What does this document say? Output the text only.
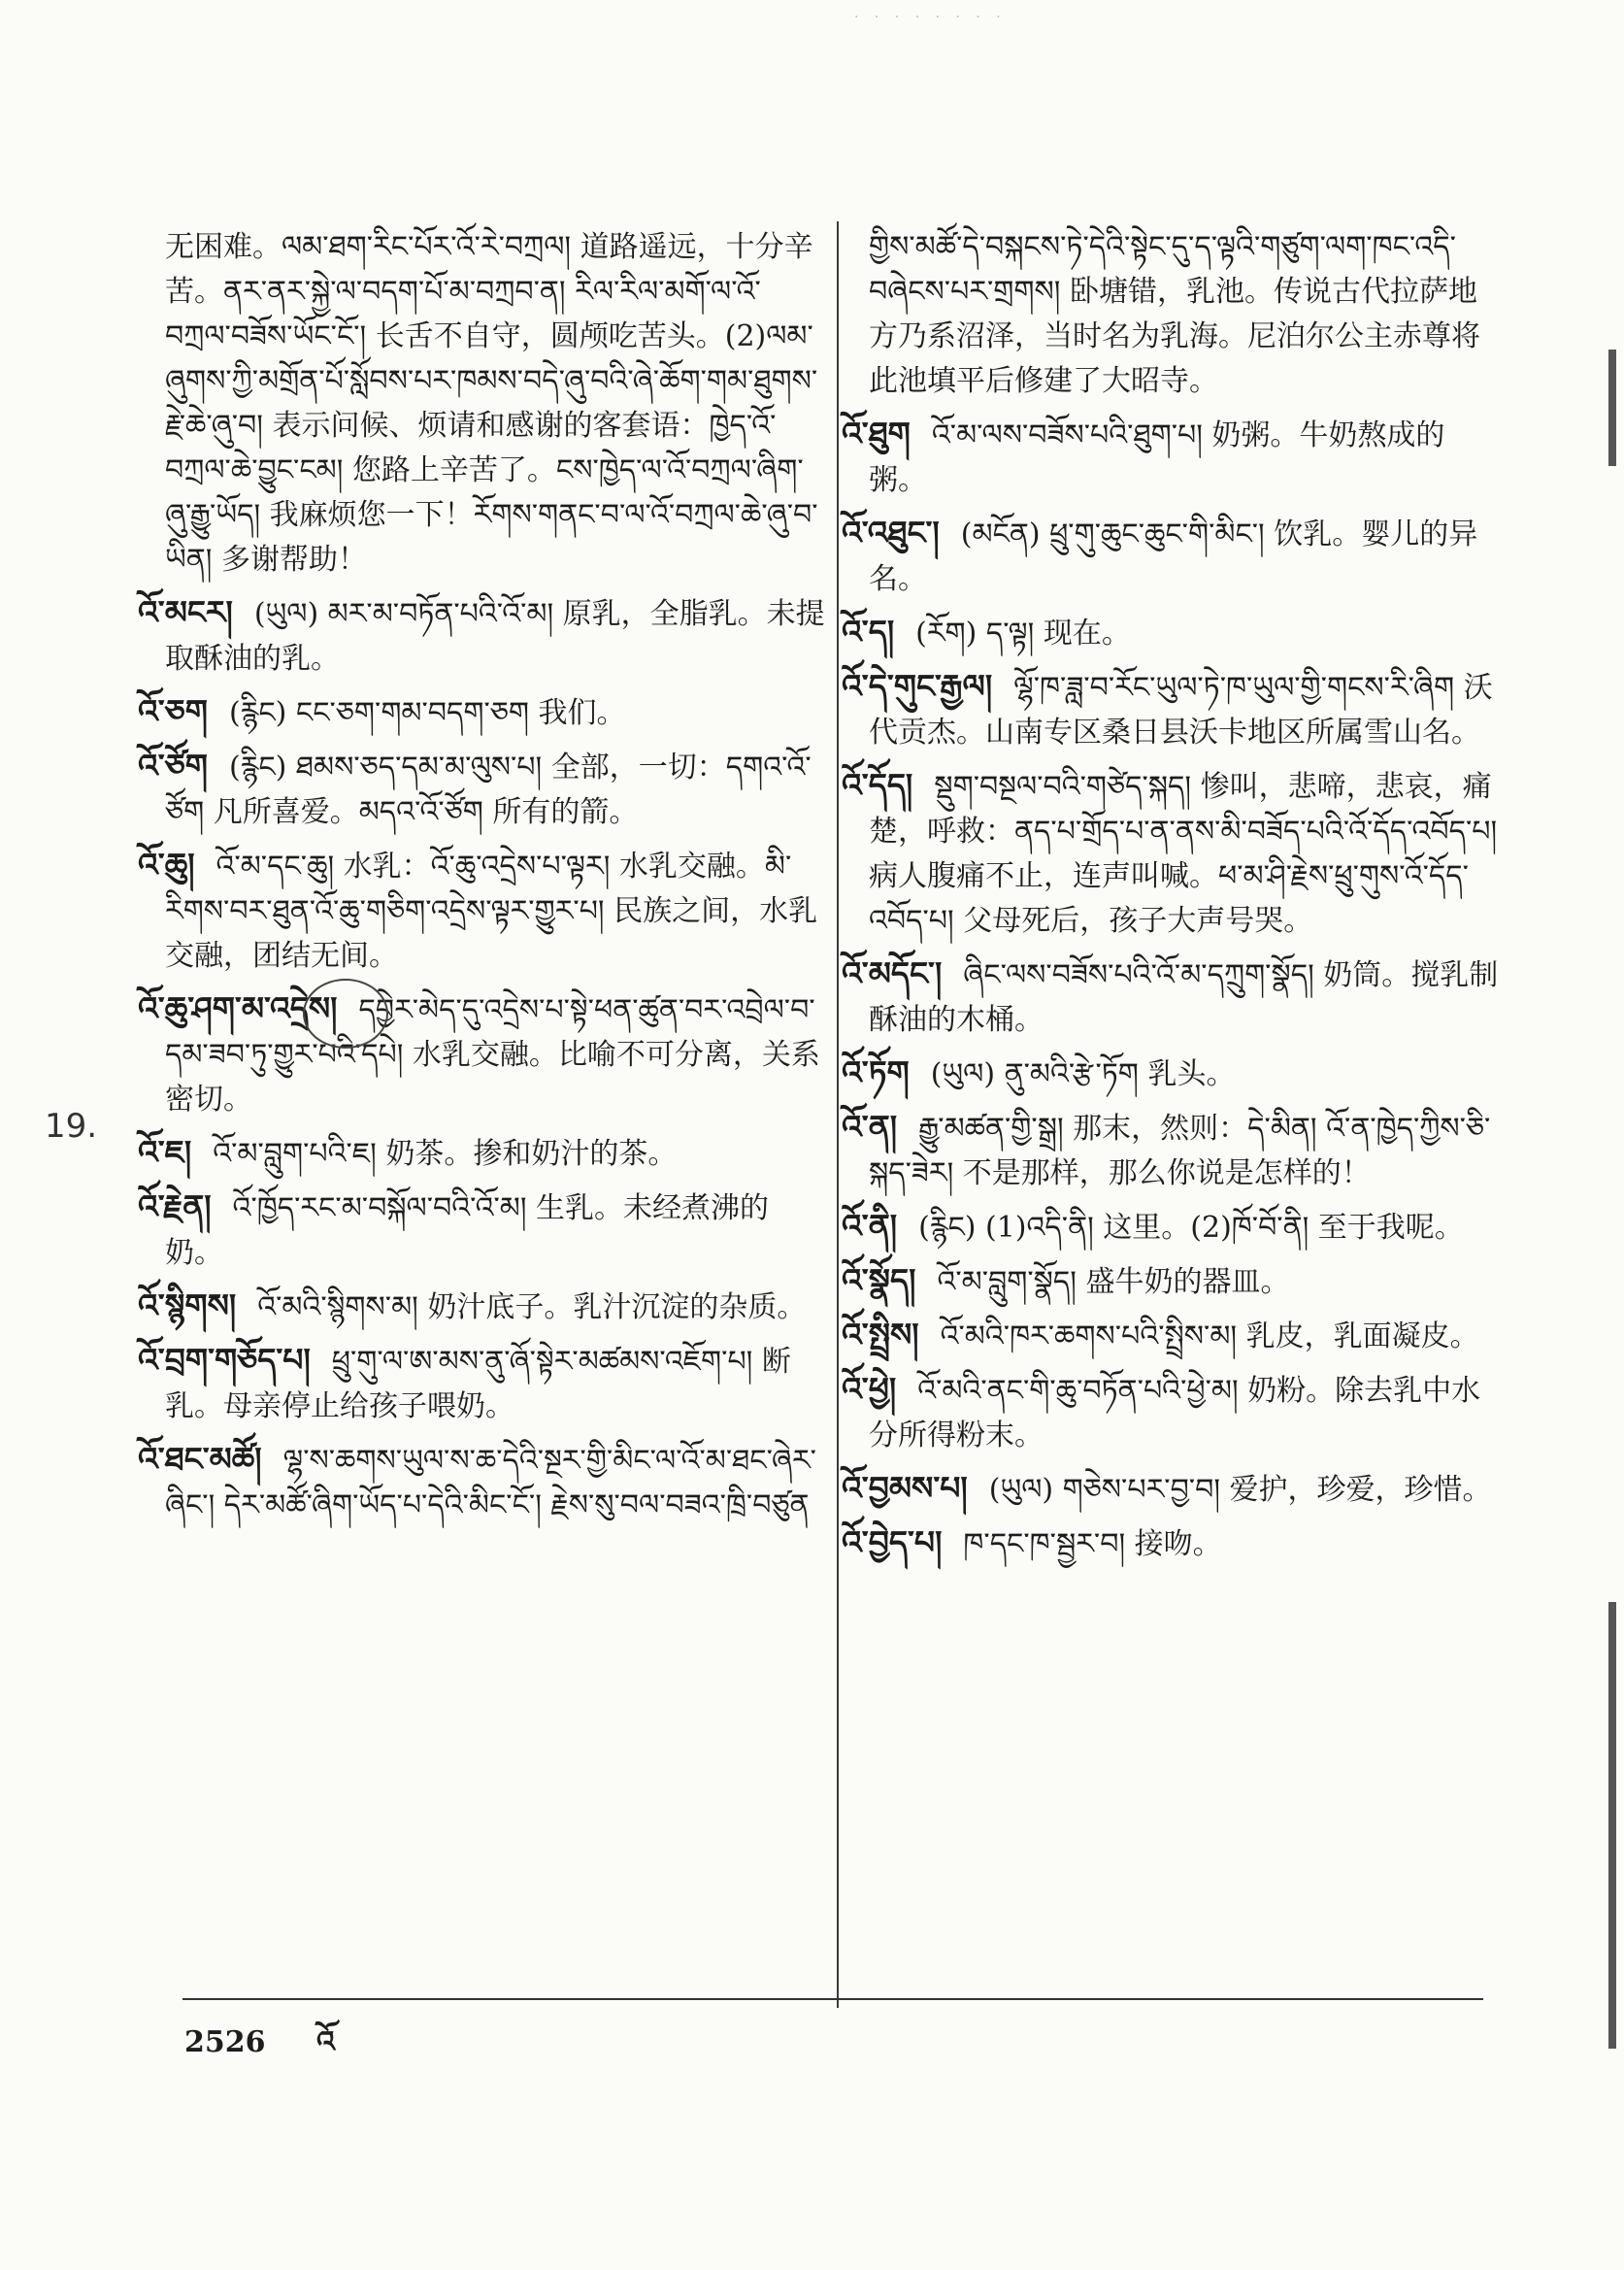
· · · · · · · ·
无困难。ལམ་ཐག་རིང་པོར་འོ་རེ་བཀྲལ། 道路遥远，十分辛苦。ནར་ནར་སྐྱེ་ལ་བདག་པོ་མ་བཀྲབ་ན། རིལ་རིལ་མགོ་ལ་འོ་བཀྲལ་བཟོས་ཡོང་ངོ་། 长舌不自守，圆颅吃苦头。(2)ལམ་ཞུགས་ཀྱི་མགྲོན་པོ་སློབས་པར་ཁམས་བདེ་ཞུ་བའི་ཞེ་ཆོག་གམ་ཐུགས་རྗེ་ཆེ་ཞུ་བ། 表示问候、烦请和感谢的客套语：ཁྱེད་འོ་བཀྲལ་ཆེ་བྱུང་ངམ། 您路上辛苦了。ངས་ཁྱེད་ལ་འོ་བཀྲལ་ཞིག་ཞུ་རྒྱུ་ཡོད། 我麻烦您一下！རོགས་གནང་བ་ལ་འོ་བཀྲལ་ཆེ་ཞུ་བ་ཡིན། 多谢帮助！
འོ་མངར། (ཡུལ) མར་མ་བཏོན་པའི་འོ་མ། 原乳，全脂乳。未提取酥油的乳。
འོ་ཅག (རྙིང) ངང་ཅག་གམ་བདག་ཅག 我们。
འོ་ཙོག (རྙིང) ཐམས་ཅད་དམ་མ་ལུས་པ། 全部，一切：དགའ་འོ་ཙོག 凡所喜爱。མདའ་འོ་ཙོག 所有的箭。
འོ་ཆུ། འོ་མ་དང་ཆུ། 水乳：འོ་ཆུ་འདྲེས་པ་ལྟར། 水乳交融。མི་རིགས་བར་ཐུན་འོ་ཆུ་གཅིག་འདྲེས་ལྟར་གྱུར་པ། 民族之间，水乳交融，团结无间。
འོ་ཆུ་ཤག་མ་འདྲེས། དབྱེར་མེད་དུ་འདྲེས་པ་སྟེ་ཕན་ཚུན་བར་འབྲེལ་བ་དམ་ཟབ་ཏུ་གྱུར་པའི་དཔེ། 水乳交融。比喻不可分离，关系密切。
འོ་ཇ། འོ་མ་བླུག་པའི་ཇ། 奶茶。掺和奶汁的茶。
འོ་རྗེན། འོ་ཁྱོད་རང་མ་བསྐོལ་བའི་འོ་མ། 生乳。未经煮沸的奶。
འོ་སྙིགས། འོ་མའི་སྙིགས་མ། 奶汁底子。乳汁沉淀的杂质。
འོ་བྲག་གཅོད་པ། ཕྲུ་གུ་ལ་ཨ་མས་ནུ་ཞོ་སྟེར་མཚམས་འཇོག་པ། 断乳。母亲停止给孩子喂奶。
འོ་ཐང་མཚོ། ལྷ་ས་ཆགས་ཡུལ་ས་ཆ་དེའི་སྔར་གྱི་མིང་ལ་འོ་མ་ཐང་ཞེར་ཞིང་། དེར་མཚོ་ཞིག་ཡོད་པ་དེའི་མིང་ངོ་། རྗེས་སུ་བལ་བཟའ་ཁྲི་བཙུན
གྱིས་མཚོ་དེ་བསྐངས་ཏེ་དེའི་སྟེང་དུ་ད་ལྟའི་གཙུག་ལག་ཁང་འདི་བཞེངས་པར་གྲགས། 卧塘错，乳池。传说古代拉萨地方乃系沼泽，当时名为乳海。尼泊尔公主赤尊将此池填平后修建了大昭寺。
འོ་ཐུག འོ་མ་ལས་བཟོས་པའི་ཐུག་པ། 奶粥。牛奶熬成的粥。
འོ་འཐུང་། (མངོན) ཕྲུ་གུ་ཆུང་ཆུང་གི་མིང་། 饮乳。婴儿的异名。
འོ་ད། (རོག) ད་ལྟ། 现在。
འོ་དེ་གུང་རྒྱལ། ལྷོ་ཁ་ཟླ་བ་རོང་ཡུལ་ཏེ་ཁ་ཡུལ་གྱི་གངས་རི་ཞིག 沃代贡杰。山南专区桑日县沃卡地区所属雪山名。
འོ་དོད། སྡུག་བསྔལ་བའི་གཙེད་སྐད། 惨叫，悲啼，悲哀，痛楚，呼救：ནད་པ་གྲོད་པ་ན་ནས་མི་བཟོད་པའི་འོ་དོད་འབོད་པ། 病人腹痛不止，连声叫喊。ཕ་མ་ཤི་རྗེས་ཕྲུ་གུས་འོ་དོད་འབོད་པ། 父母死后，孩子大声号哭。
འོ་མདོང་། ཞིང་ལས་བཟོས་པའི་འོ་མ་དཀྲུག་སྣོད། 奶筒。搅乳制酥油的木桶。
འོ་ཏོག (ཡུལ) ནུ་མའི་རྩེ་ཏོག 乳头。
འོ་ན། རྒྱུ་མཚན་གྱི་སྒྲ། 那末，然则：དེ་མིན། འོ་ན་ཁྱེད་ཀྱིས་ཅི་སྐད་ཟེར། 不是那样，那么你说是怎样的！
འོ་ནི། (རྙིང) (1)འདི་ནི། 这里。(2)ཁོ་བོ་ནི། 至于我呢。
འོ་སྣོད། འོ་མ་བླུག་སྣོད། 盛牛奶的器皿。
འོ་སྤྲིས། འོ་མའི་ཁར་ཆགས་པའི་སྤྲིས་མ། 乳皮，乳面凝皮。
འོ་ཕྱེ། འོ་མའི་ནང་གི་ཆུ་བཏོན་པའི་ཕྱེ་མ། 奶粉。除去乳中水分所得粉末。
འོ་བྱམས་པ། (ཡུལ) གཅེས་པར་བྱ་བ། 爱护，珍爱，珍惜。
འོ་བྱེད་པ། ཁ་དང་ཁ་སྦྱར་བ། 接吻。
19.
2526 འོ
